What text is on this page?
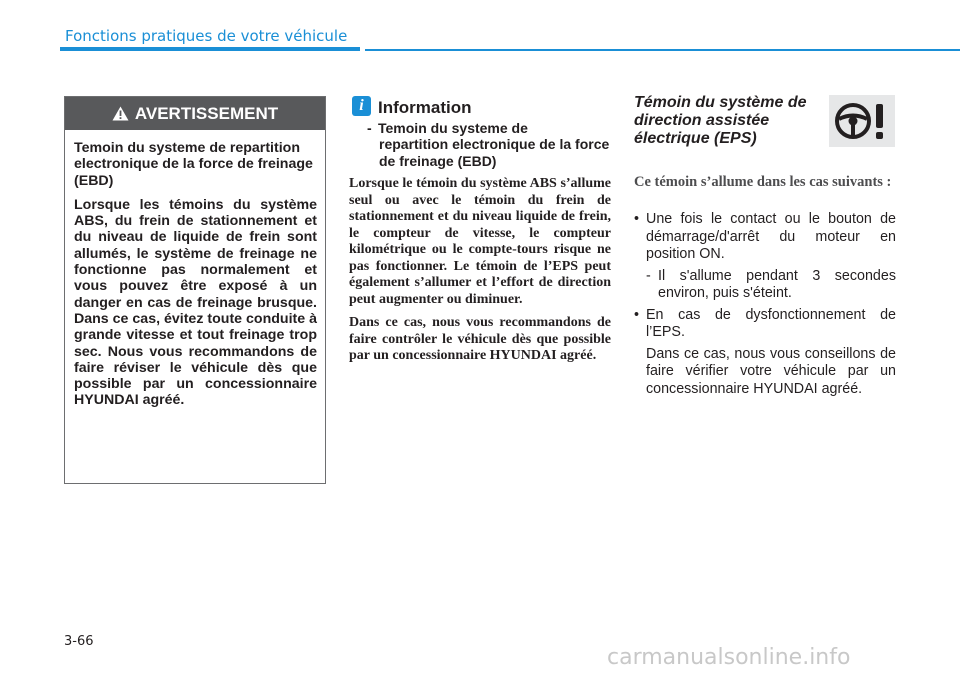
Fonctions pratiques de votre véhicule
AVERTISSEMENT

Temoin du systeme de repartition electronique de la force de freinage (EBD)

Lorsque les témoins du système ABS, du frein de stationnement et du niveau de liquide de frein sont allumés, le système de freinage ne fonctionne pas normalement et vous pouvez être exposé à un danger en cas de freinage brusque. Dans ce cas, évitez toute conduite à grande vitesse et tout freinage trop sec. Nous vous recommandons de faire réviser le véhicule dès que possible par un concessionnaire HYUNDAI agréé.

i Information
- Temoin du systeme de
repartition electronique de la force de freinage (EBD)

Lorsque le témoin du système ABS s’allume seul ou avec le témoin du frein de stationnement et du niveau liquide de frein, le compteur de vitesse, le compteur kilométrique ou le compte-tours risque ne pas fonctionner. Le témoin de l’EPS peut également s’allumer et l’effort de direction peut augmenter ou diminuer.

Dans ce cas, nous vous recommandons de faire contrôler le véhicule dès que possible par un concessionnaire HYUNDAI agréé.

Témoin du système de direction assistée électrique (EPS)
Ce témoin s’allume dans les cas suivants :
• Une fois le contact ou le bouton de démarrage/d'arrêt du moteur en position ON.
- Il s'allume pendant 3 secondes environ, puis s'éteint.
• En cas de dysfonctionnement de l’EPS.
Dans ce cas, nous vous conseillons de faire vérifier votre véhicule par un concessionnaire HYUNDAI agréé.
3-66
carmanualsonline.info
